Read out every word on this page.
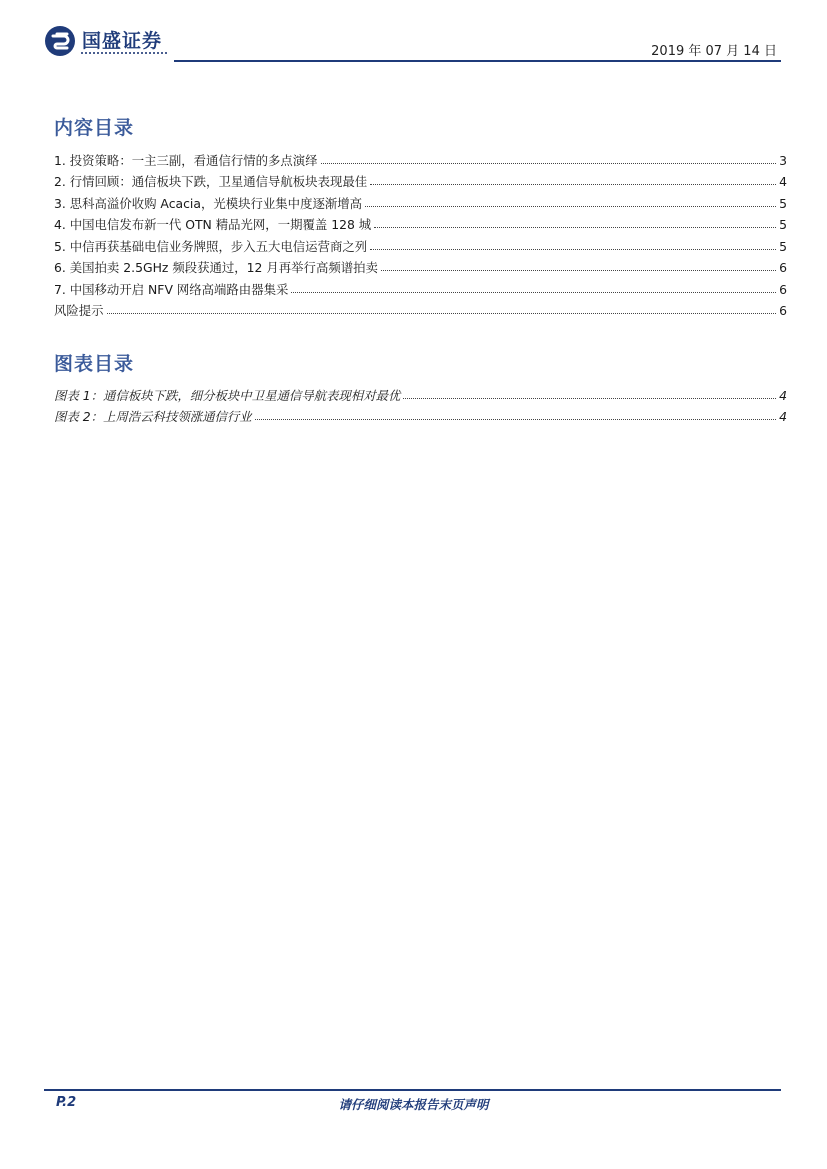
国盛证券	2019 年 07 月 14 日
内容目录
1. 投资策略：一主三副，看通信行情的多点演绎	3
2. 行情回顾：通信板块下跌，卫星通信导航板块表现最佳	4
3. 思科高溢价收购 Acacia，光模块行业集中度逐渐增高	5
4. 中国电信发布新一代 OTN 精品光网，一期覆盖 128 城	5
5. 中信再获基础电信业务牌照，步入五大电信运营商之列	5
6. 美国拍卖 2.5GHz 频段获通过，12 月再举行高频谱拍卖	6
7. 中国移动开启 NFV 网络高端路由器集采	6
风险提示	6
图表目录
图表 1：通信板块下跌，细分板块中卫星通信导航表现相对最优	4
图表 2：上周浩云科技领涨通信行业	4
P.2	请仔细阅读本报告末页声明
